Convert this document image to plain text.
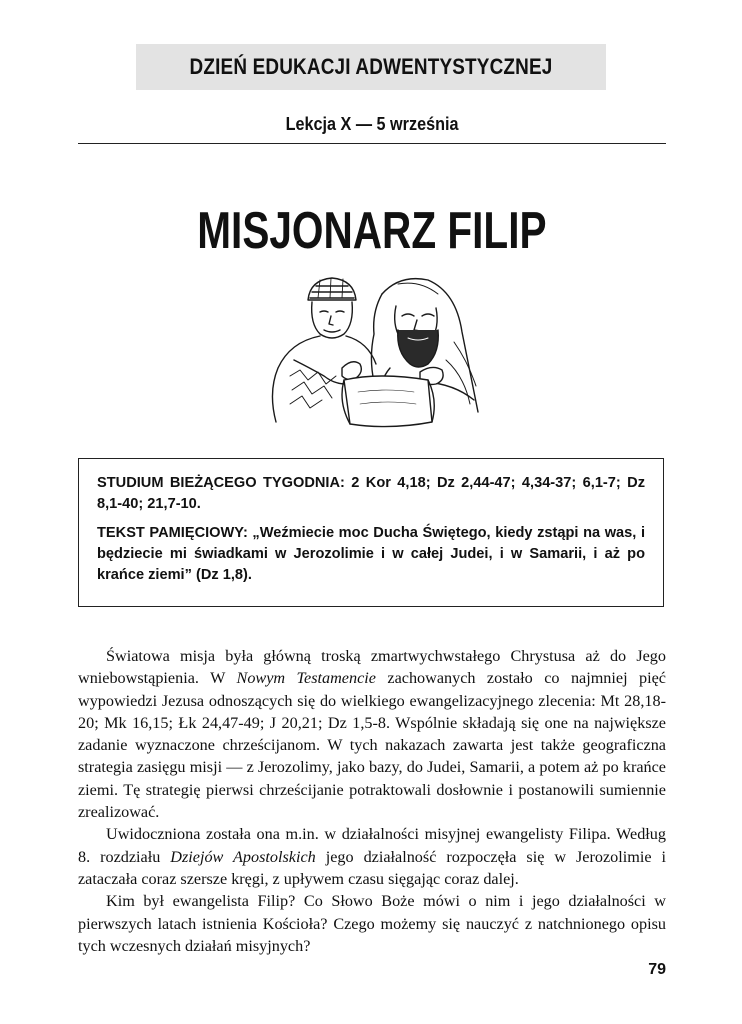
DZIEŃ EDUKACJI ADWENTYSTYCZNEJ
Lekcja X — 5 września
MISJONARZ FILIP

STUDIUM BIEŻĄCEGO TYGODNIA: 2 Kor 4,18; Dz 2,44-47; 4,34-37; 6,1-7; Dz 8,1-40; 21,7-10.

TEKST PAMIĘCIOWY: „Weźmiecie moc Ducha Świętego, kiedy zstąpi na was, i będziecie mi świadkami w Jerozolimie i w całej Judei, i w Samarii, i aż po krańce ziemi” (Dz 1,8).

Światowa misja była główną troską zmartwychwstałego Chrystusa aż do Jego wniebowstąpienia. W Nowym Testamencie zachowanych zostało co najmniej pięć wypowiedzi Jezusa odnoszących się do wielkiego ewangelizacyjnego zlecenia: Mt 28,18-20; Mk 16,15; Łk 24,47-49; J 20,21; Dz 1,5-8. Wspólnie składają się one na największe zadanie wyznaczone chrześcijanom. W tych nakazach zawarta jest także geograficzna strategia zasięgu misji — z Jerozolimy, jako bazy, do Judei, Samarii, a potem aż po krańce ziemi. Tę strategię pierwsi chrześcijanie potraktowali dosłownie i postanowili sumiennie zrealizować.

Uwidoczniona została ona m.in. w działalności misyjnej ewangelisty Filipa. Według 8. rozdziału Dziejów Apostolskich jego działalność rozpoczęła się w Jerozolimie i zataczała coraz szersze kręgi, z upływem czasu sięgając coraz dalej.

Kim był ewangelista Filip? Co Słowo Boże mówi o nim i jego działalności w pierwszych latach istnienia Kościoła? Czego możemy się nauczyć z natchnionego opisu tych wczesnych działań misyjnych?

79
